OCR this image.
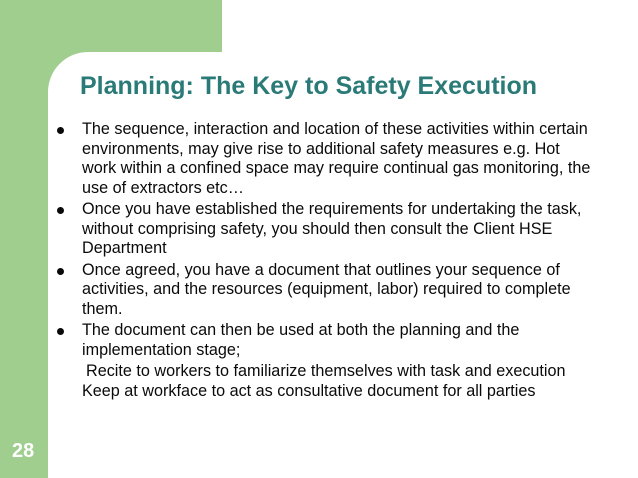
Planning: The Key to Safety Execution
The sequence, interaction and location of these activities within certain environments, may give rise to additional safety measures e.g. Hot work within a confined space may require continual gas monitoring, the use of extractors etc…
Once you have established the requirements for undertaking the task, without comprising safety, you should then consult the Client HSE Department
Once agreed, you have a document that outlines your sequence of    activities, and the resources (equipment, labor) required to complete them.
The document can then be used at both the planning and the implementation stage;
Recite to workers to familiarize themselves with task and execution  Keep at workface to act as consultative document for all parties

28
